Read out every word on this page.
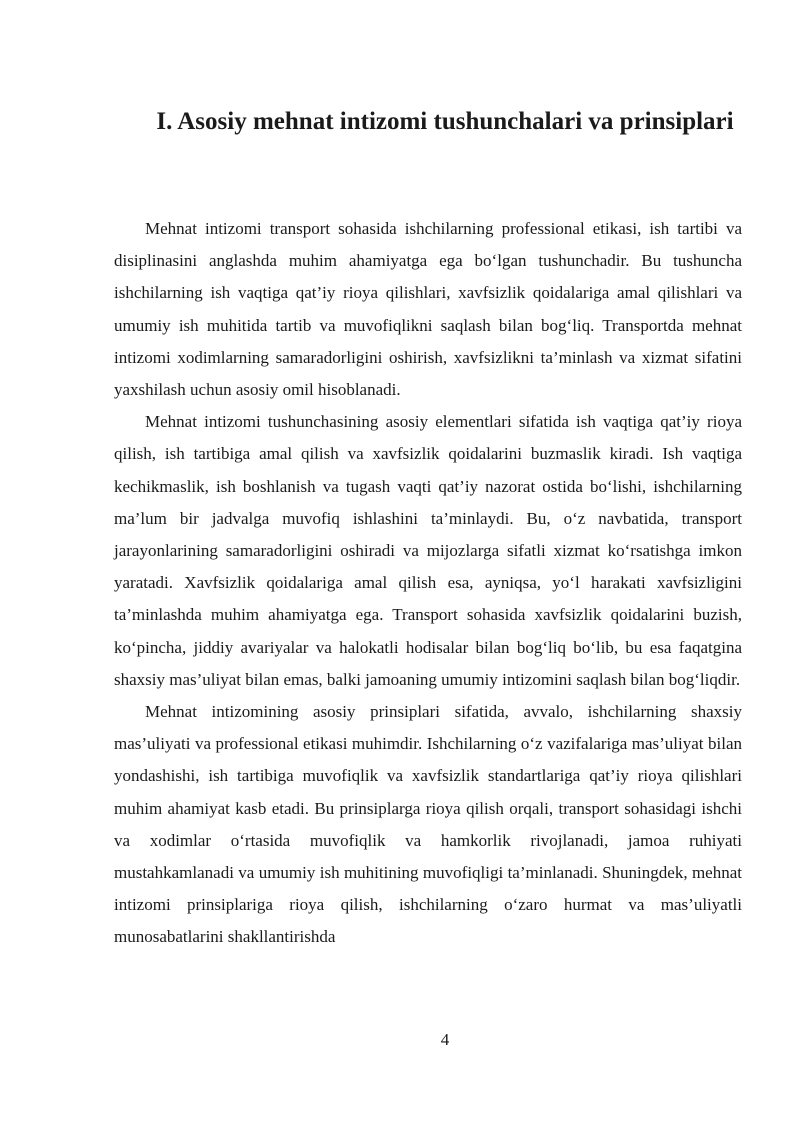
I. Asosiy mehnat intizomi tushunchalari va prinsiplari

Mehnat intizomi transport sohasida ishchilarning professional etikasi, ish tartibi va disiplinasini anglashda muhim ahamiyatga ega bo‘lgan tushunchadir. Bu tushuncha ishchilarning ish vaqtiga qat’iy rioya qilishlari, xavfsizlik qoidalariga amal qilishlari va umumiy ish muhitida tartib va muvofiqlikni saqlash bilan bog‘liq. Transportda mehnat intizomi xodimlarning samaradorligini oshirish, xavfsizlikni ta’minlash va xizmat sifatini yaxshilash uchun asosiy omil hisoblanadi.

Mehnat intizomi tushunchasining asosiy elementlari sifatida ish vaqtiga qat’iy rioya qilish, ish tartibiga amal qilish va xavfsizlik qoidalarini buzmaslik kiradi. Ish vaqtiga kechikmaslik, ish boshlanish va tugash vaqti qat’iy nazorat ostida bo‘lishi, ishchilarning ma’lum bir jadvalga muvofiq ishlashini ta’minlaydi. Bu, o‘z navbatida, transport jarayonlarining samaradorligini oshiradi va mijozlarga sifatli xizmat ko‘rsatishga imkon yaratadi. Xavfsizlik qoidalariga amal qilish esa, ayniqsa, yo‘l harakati xavfsizligini ta’minlashda muhim ahamiyatga ega. Transport sohasida xavfsizlik qoidalarini buzish, ko‘pincha, jiddiy avariyalar va halokatli hodisalar bilan bog‘liq bo‘lib, bu esa faqatgina shaxsiy mas’uliyat bilan emas, balki jamoaning umumiy intizomini saqlash bilan bog‘liqdir.

Mehnat intizomining asosiy prinsiplari sifatida, avvalo, ishchilarning shaxsiy mas’uliyati va professional etikasi muhimdir. Ishchilarning o‘z vazifalariga mas’uliyat bilan yondashishi, ish tartibiga muvofiqlik va xavfsizlik standartlariga qat’iy rioya qilishlari muhim ahamiyat kasb etadi. Bu prinsiplarga rioya qilish orqali, transport sohasidagi ishchi va xodimlar o‘rtasida muvofiqlik va hamkorlik rivojlanadi, jamoa ruhiyati mustahkamlanadi va umumiy ish muhitining muvofiqligi ta’minlanadi. Shuningdek, mehnat intizomi prinsiplariga rioya qilish, ishchilarning o‘zaro hurmat va mas’uliyatli munosabatlarini shakllantirishda

4
